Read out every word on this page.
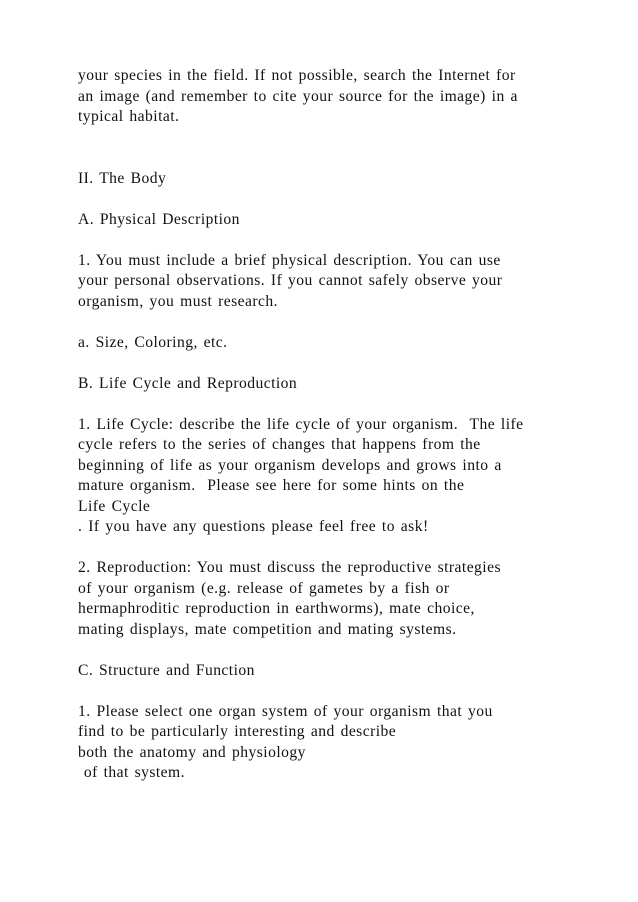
your species in the field. If not possible, search the Internet for
an image (and remember to cite your source for the image) in a
typical habitat.
II. The Body
A. Physical Description
1. You must include a brief physical description. You can use
your personal observations. If you cannot safely observe your
organism, you must research.
a. Size, Coloring, etc.
B. Life Cycle and Reproduction
1. Life Cycle: describe the life cycle of your organism.  The life
cycle refers to the series of changes that happens from the
beginning of life as your organism develops and grows into a
mature organism.  Please see here for some hints on the
Life Cycle
. If you have any questions please feel free to ask!
2. Reproduction: You must discuss the reproductive strategies
of your organism (e.g. release of gametes by a fish or
hermaphroditic reproduction in earthworms), mate choice,
mating displays, mate competition and mating systems.
C. Structure and Function
1. Please select one organ system of your organism that you
find to be particularly interesting and describe
both the anatomy and physiology
of that system.
